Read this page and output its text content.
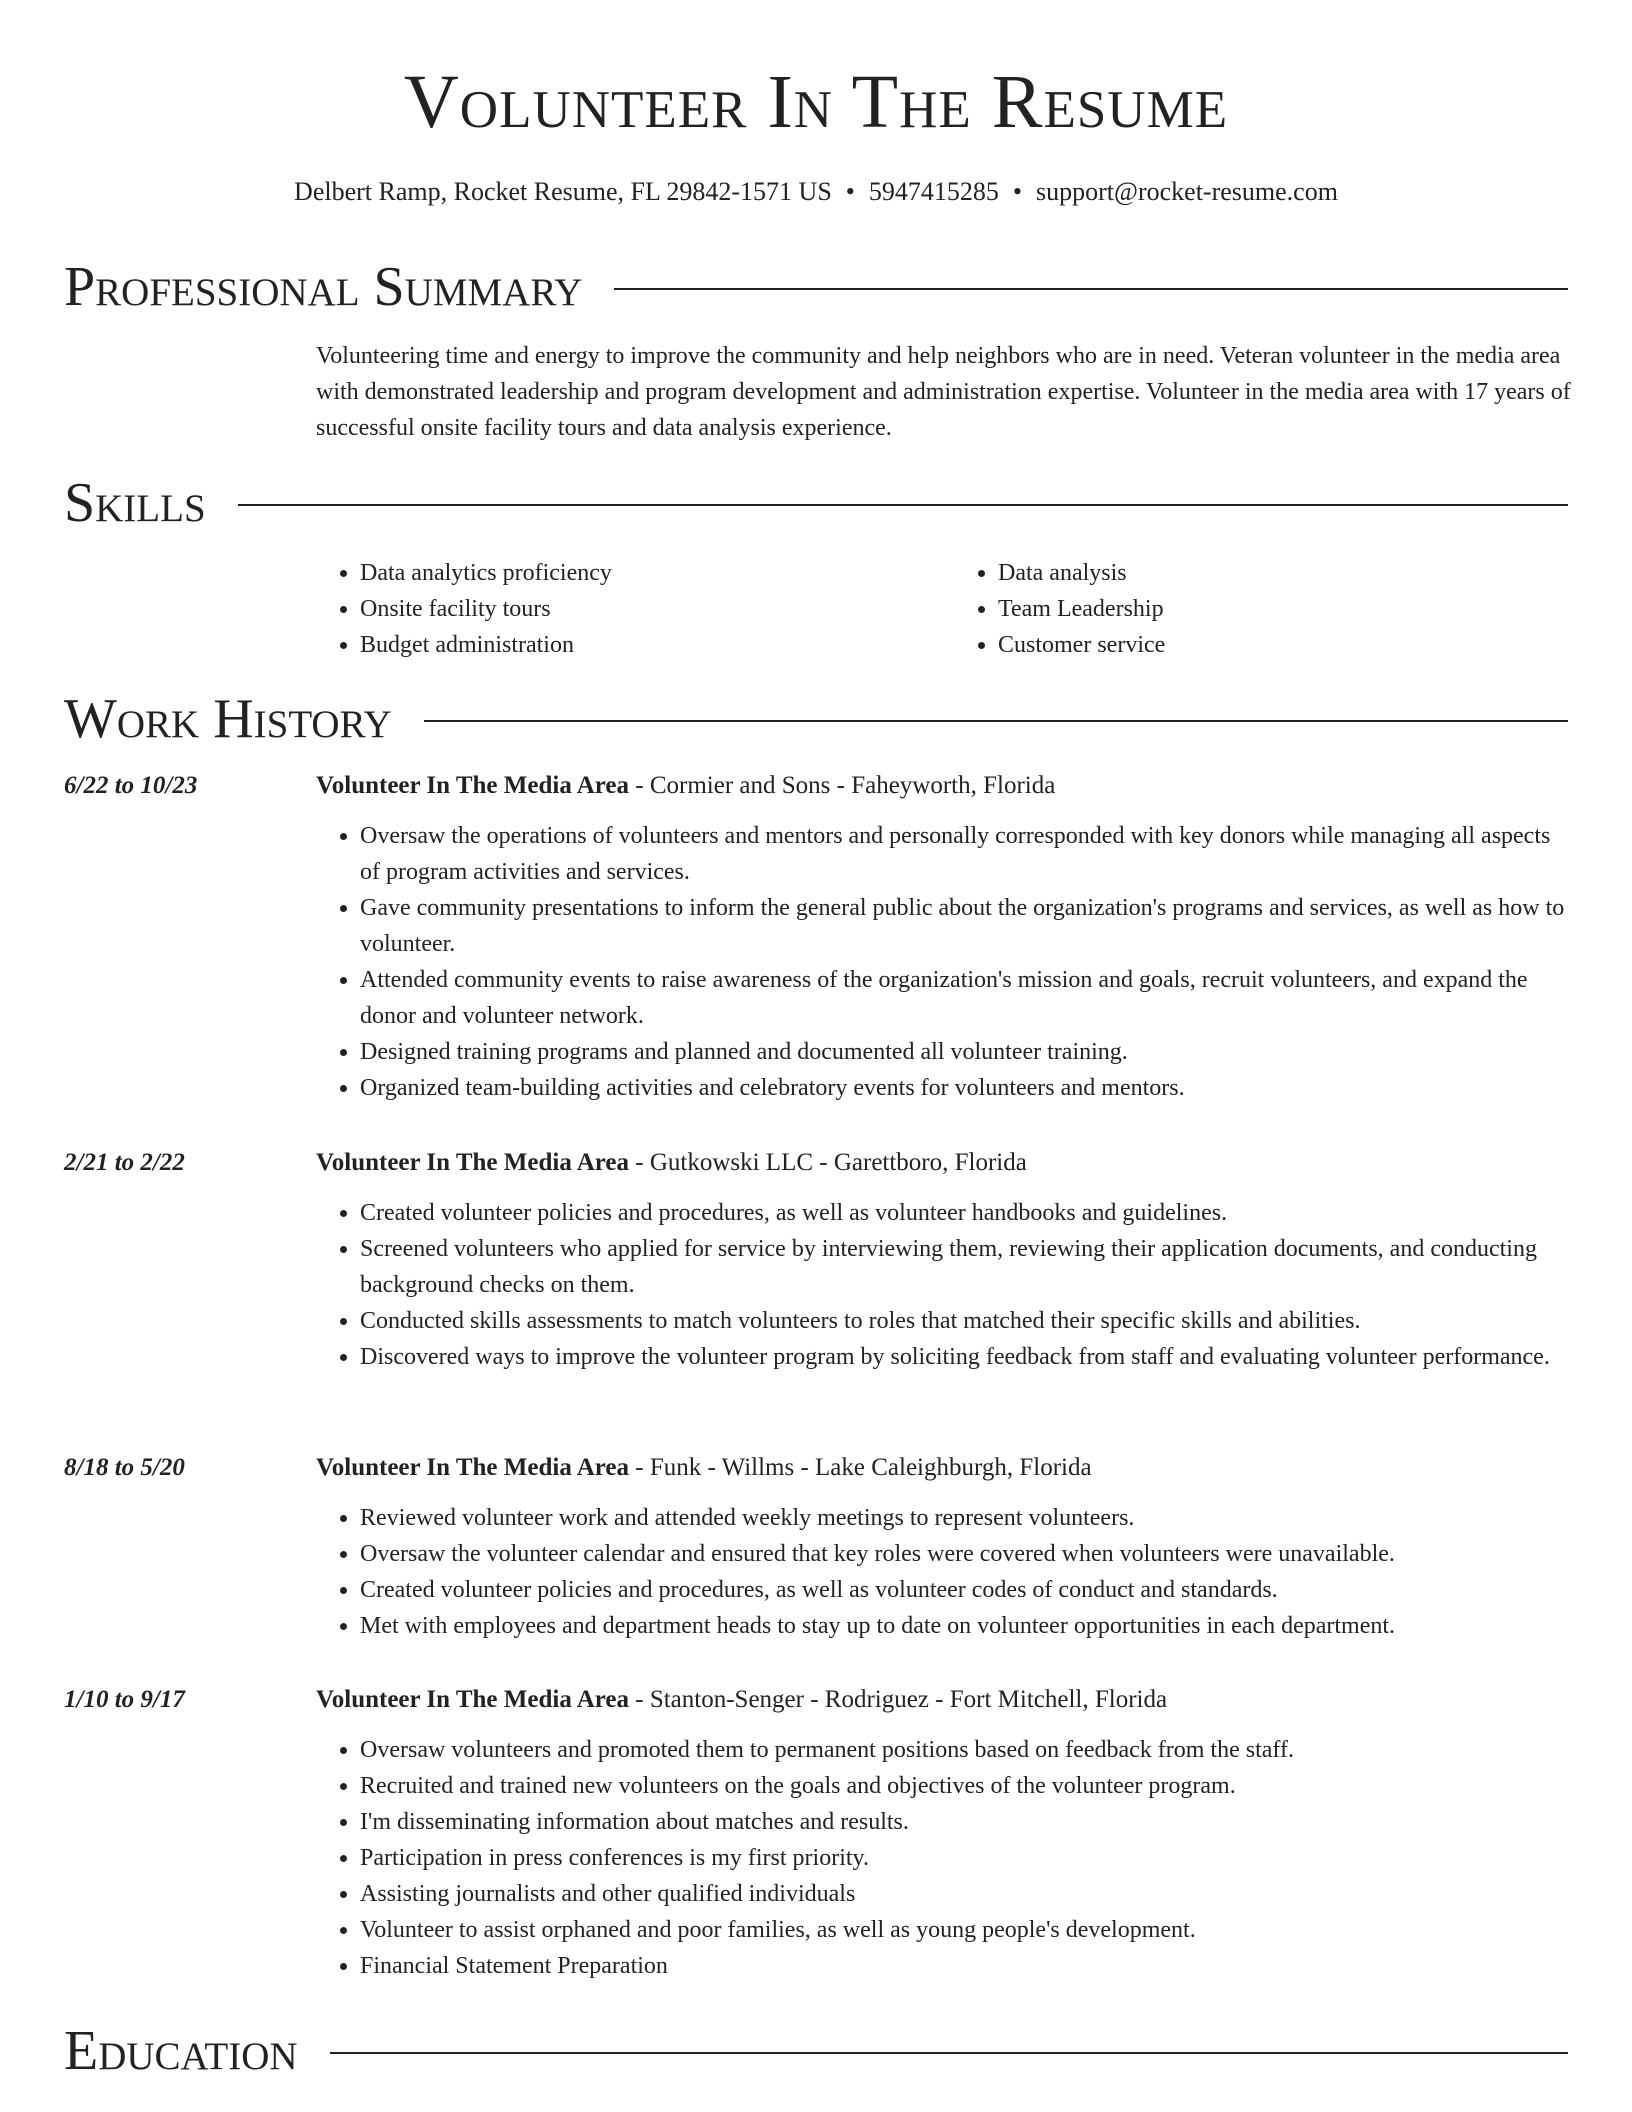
Volunteer In The Resume
Delbert Ramp, Rocket Resume, FL 29842-1571 US • 5947415285 • support@rocket-resume.com
Professional Summary

Volunteering time and energy to improve the community and help neighbors who are in need. Veteran volunteer in the media area with demonstrated leadership and program development and administration expertise. Volunteer in the media area with 17 years of successful onsite facility tours and data analysis experience.

Skills
• Data analytics proficiency
• Onsite facility tours
• Budget administration
• Data analysis
• Team Leadership
• Customer service
Work History
6/22 to 10/23	Volunteer In The Media Area - Cormier and Sons - Faheyworth, Florida
• Oversaw the operations of volunteers and mentors and personally corresponded with key donors while managing all aspects of program activities and services.
• Gave community presentations to inform the general public about the organization's programs and services, as well as how to volunteer.
• Attended community events to raise awareness of the organization's mission and goals, recruit volunteers, and expand the donor and volunteer network.
• Designed training programs and planned and documented all volunteer training.
• Organized team-building activities and celebratory events for volunteers and mentors.
2/21 to 2/22	Volunteer In The Media Area - Gutkowski LLC - Garettboro, Florida
• Created volunteer policies and procedures, as well as volunteer handbooks and guidelines.
• Screened volunteers who applied for service by interviewing them, reviewing their application documents, and conducting background checks on them.
• Conducted skills assessments to match volunteers to roles that matched their specific skills and abilities.
• Discovered ways to improve the volunteer program by soliciting feedback from staff and evaluating volunteer performance.
8/18 to 5/20	Volunteer In The Media Area - Funk - Willms - Lake Caleighburgh, Florida
• Reviewed volunteer work and attended weekly meetings to represent volunteers.
• Oversaw the volunteer calendar and ensured that key roles were covered when volunteers were unavailable.
• Created volunteer policies and procedures, as well as volunteer codes of conduct and standards.
• Met with employees and department heads to stay up to date on volunteer opportunities in each department.
1/10 to 9/17	Volunteer In The Media Area - Stanton-Senger - Rodriguez - Fort Mitchell, Florida
• Oversaw volunteers and promoted them to permanent positions based on feedback from the staff.
• Recruited and trained new volunteers on the goals and objectives of the volunteer program.
• I'm disseminating information about matches and results.
• Participation in press conferences is my first priority.
• Assisting journalists and other qualified individuals
• Volunteer to assist orphaned and poor families, as well as young people's development.
• Financial Statement Preparation
Education
